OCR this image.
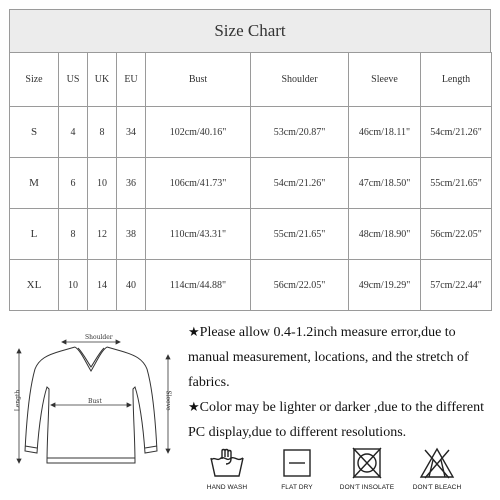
Size Chart
Size	US	UK	EU	Bust	Shoulder	Sleeve	Length
S	4	8	34	102cm/40.16"	53cm/20.87"	46cm/18.11"	54cm/21.26"
M	6	10	36	106cm/41.73"	54cm/21.26"	47cm/18.50"	55cm/21.65"
L	8	12	38	110cm/43.31"	55cm/21.65"	48cm/18.90"	56cm/22.05"
XL	10	14	40	114cm/44.88"	56cm/22.05"	49cm/19.29"	57cm/22.44"
Shoulder
Bust
Length	Sleeve

★Please allow 0.4-1.2inch measure error,due to manual measurement, locations, and the stretch of fabrics.

★Color may be lighter or darker ,due to the different PC display,due to different resolutions.

HAND WASH	FLAT DRY	DON'T INSOLATE	DON'T BLEACH
